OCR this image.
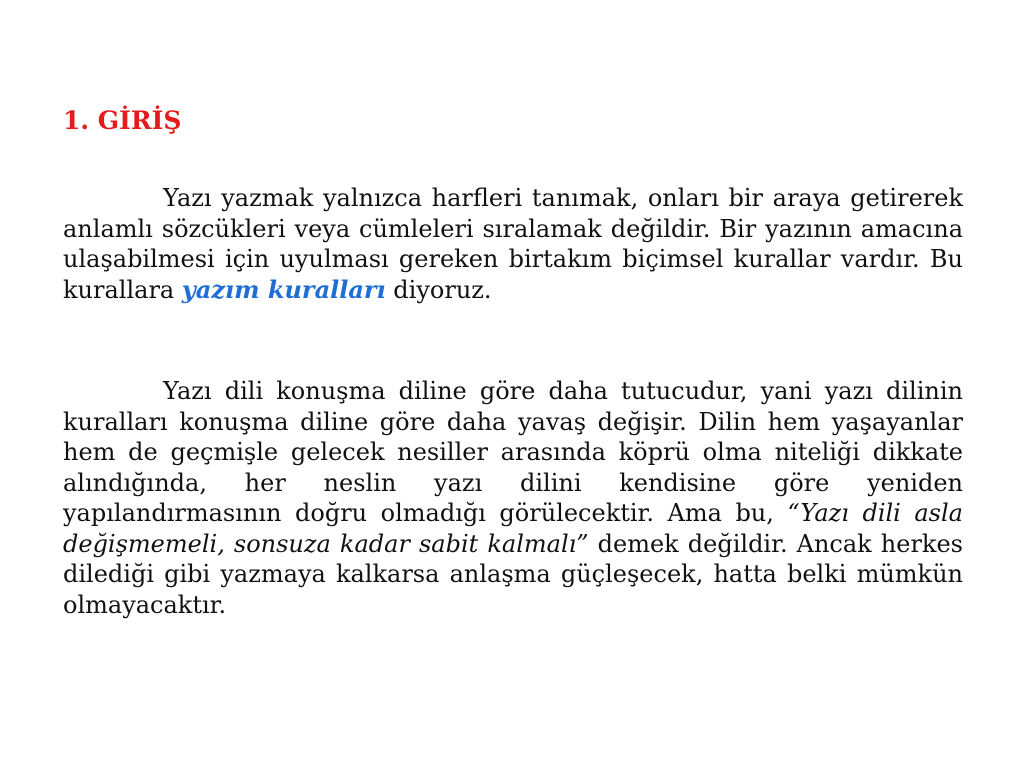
1. GİRİŞ

Yazı yazmak yalnızca harfleri tanımak, onları bir araya getirerek anlamlı sözcükleri veya cümleleri sıralamak değildir. Bir yazının amacına ulaşabilmesi için uyulması gereken birtakım biçimsel kurallar vardır. Bu kurallara yazım kuralları diyoruz.

Yazı dili konuşma diline göre daha tutucudur, yani yazı dilinin kuralları konuşma diline göre daha yavaş değişir. Dilin hem yaşayanlar hem de geçmişle gelecek nesiller arasında köprü olma niteliği dikkate alındığında, her neslin yazı dilini kendisine göre yeniden yapılandırmasının doğru olmadığı görülecektir. Ama bu, “Yazı dili asla değişmemeli, sonsuza kadar sabit kalmalı” demek değildir. Ancak herkes dilediği gibi yazmaya kalkarsa anlaşma güçleşecek, hatta belki mümkün olmayacaktır.
